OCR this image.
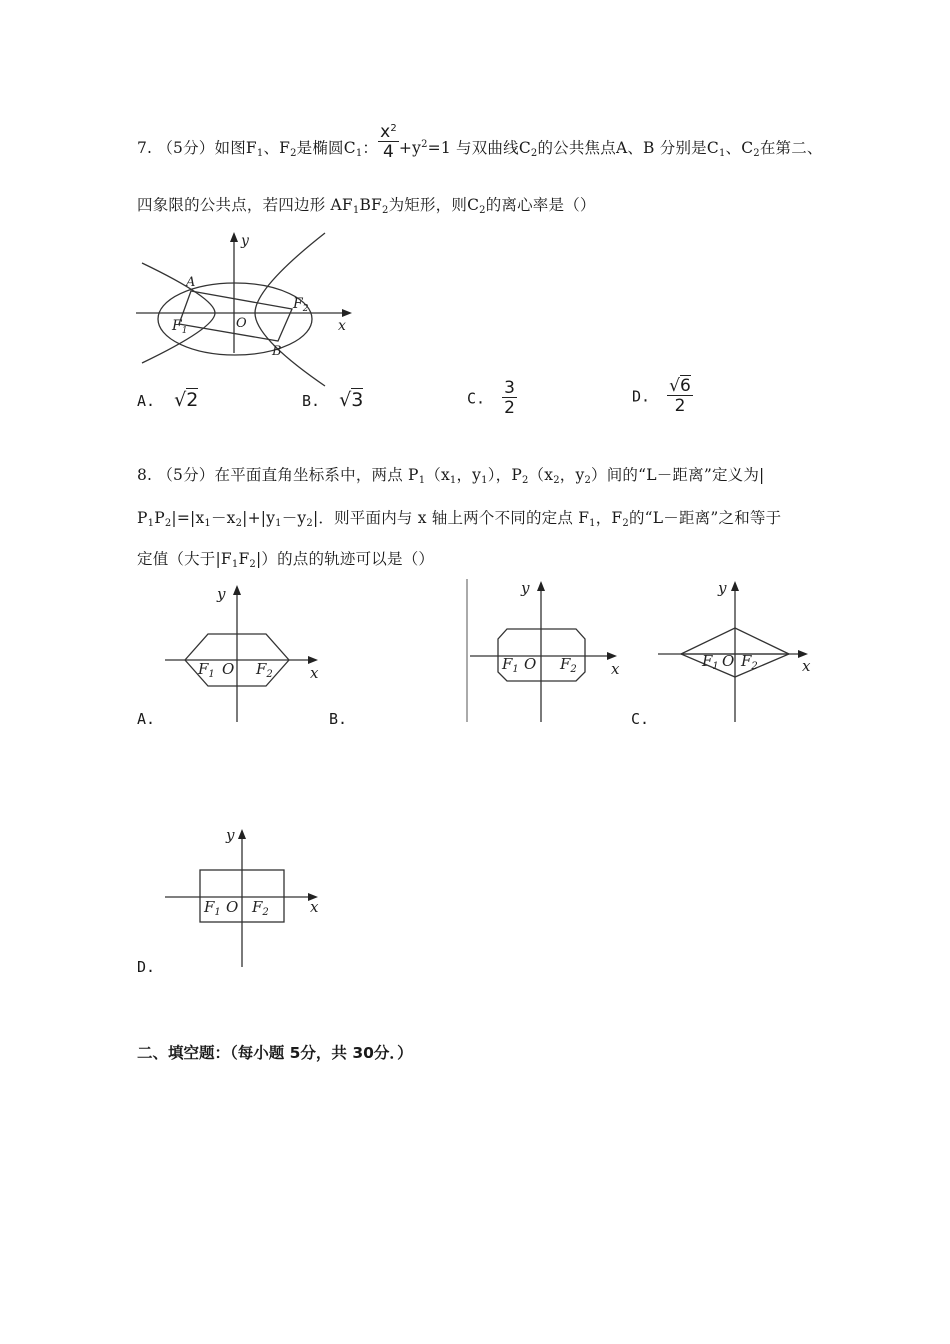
7. （5分）如图F1、F2是椭圆C1： $\frac{x^2}{4} +y^2=1$ 与双曲线C2的公共焦点A、B 分别是C1、C2在第二、
四象限的公共点，若四边形 AF1BF2为矩形，则C2的离心率是（）
y
x
A
B
O
$F_1$
$F_2$
A. √2	B. √3	C. $\frac{3}{2}$	D. $\frac{√6}{2}$
8. （5分）在平面直角坐标系中，两点 P1（x1，y1），P2（x2，y2）间的“L－距离”定义为|
P1P2|=|x1－x2|+|y1－y2|．则平面内与 x 轴上两个不同的定点 F1，F2的“L－距离”之和等于
定值（大于|F1F2|）的点的轨迹可以是（）
y
x
O
$F_1$	$F_2$
y
x
O
$F_1$	$F_2$
y
x
O
$F_1$ $F_2$
A.	B.	C.
y
x
O
$F_1$ $F_2$
D.
二、填空题：（每小题 5分，共 30分．）
